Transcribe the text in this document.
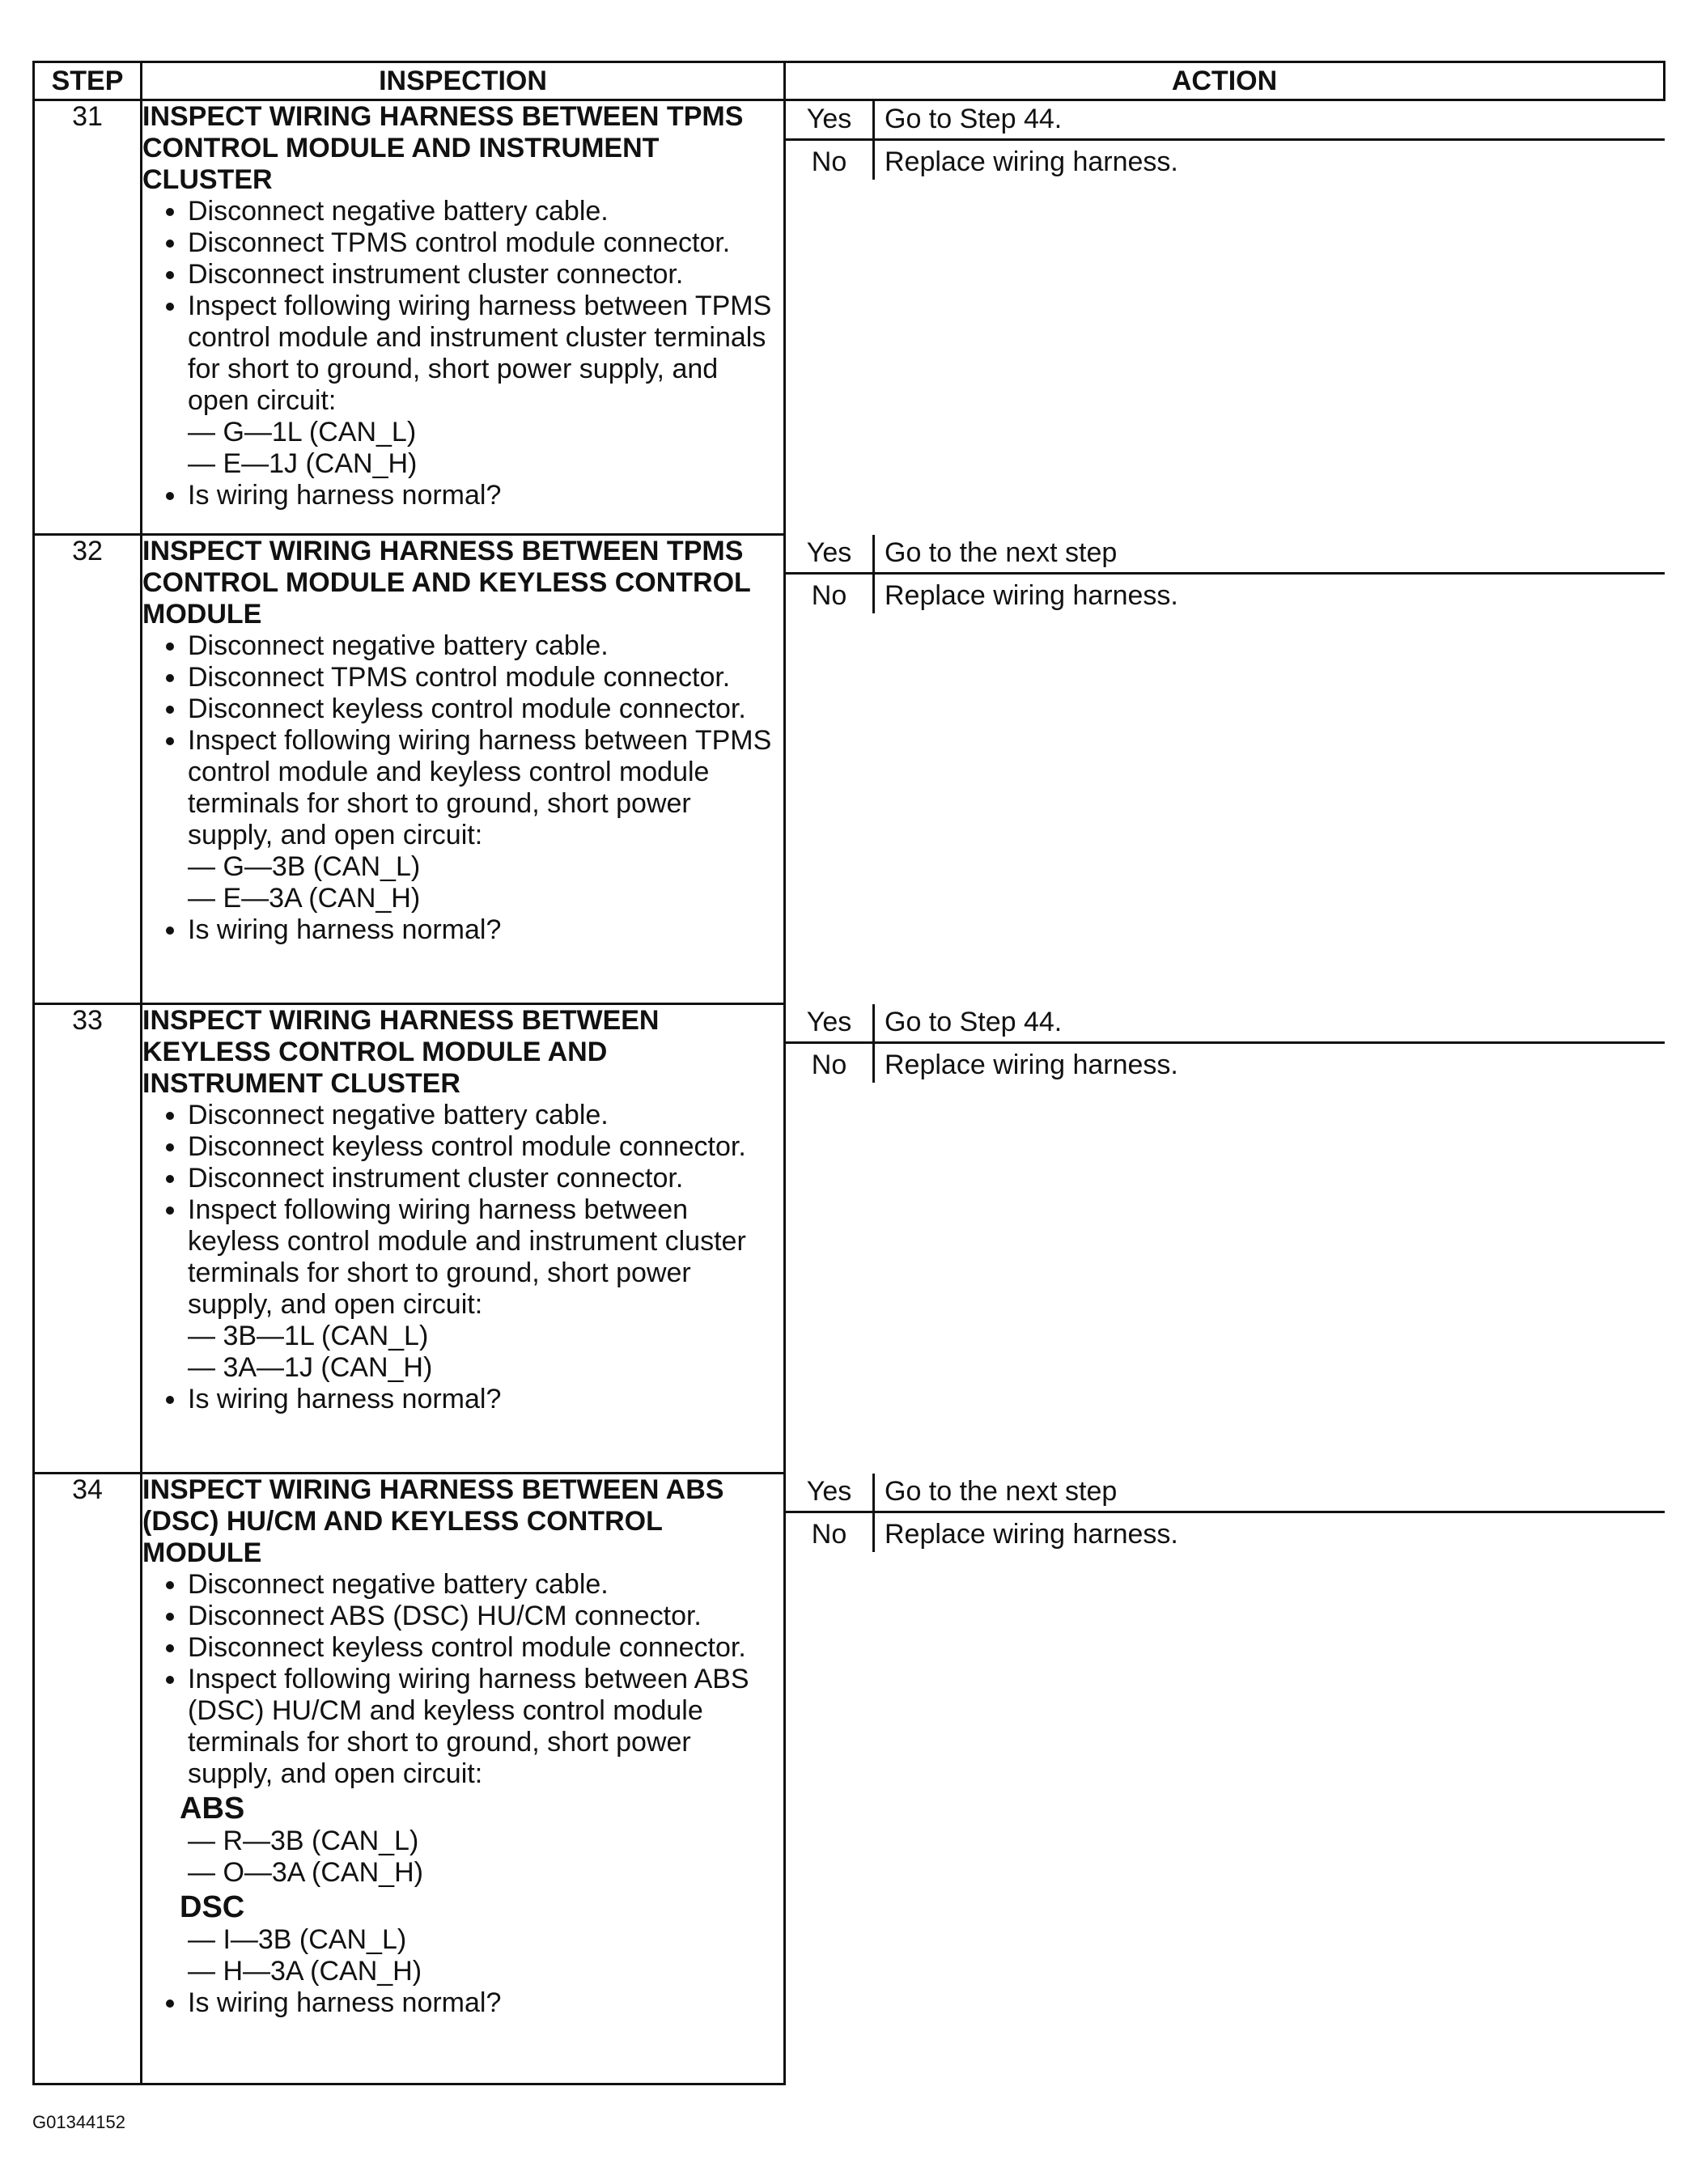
STEP	INSPECTION	ACTION
31	INSPECT WIRING HARNESS BETWEEN TPMS CONTROL MODULE AND INSTRUMENT CLUSTER
• Disconnect negative battery cable.
• Disconnect TPMS control module connector.
• Disconnect instrument cluster connector.
• Inspect following wiring harness between TPMS control module and instrument cluster terminals for short to ground, short power supply, and open circuit:
— G—1L (CAN_L)
— E—1J (CAN_H)
• Is wiring harness normal?

Yes	Go to Step 44.
No	Replace wiring harness.

32	INSPECT WIRING HARNESS BETWEEN TPMS CONTROL MODULE AND KEYLESS CONTROL MODULE
• Disconnect negative battery cable.
• Disconnect TPMS control module connector.
• Disconnect keyless control module connector.
• Inspect following wiring harness between TPMS control module and keyless control module terminals for short to ground, short power supply, and open circuit:
— G—3B (CAN_L)
— E—3A (CAN_H)
• Is wiring harness normal?

Yes	Go to the next step
No	Replace wiring harness.

33	INSPECT WIRING HARNESS BETWEEN KEYLESS CONTROL MODULE AND INSTRUMENT CLUSTER
• Disconnect negative battery cable.
• Disconnect keyless control module connector.
• Disconnect instrument cluster connector.
• Inspect following wiring harness between keyless control module and instrument cluster terminals for short to ground, short power supply, and open circuit:
— 3B—1L (CAN_L)
— 3A—1J (CAN_H)
• Is wiring harness normal?

Yes	Go to Step 44.
No	Replace wiring harness.

34	INSPECT WIRING HARNESS BETWEEN ABS (DSC) HU/CM AND KEYLESS CONTROL MODULE
• Disconnect negative battery cable.
• Disconnect ABS (DSC) HU/CM connector.
• Disconnect keyless control module connector.
• Inspect following wiring harness between ABS (DSC) HU/CM and keyless control module terminals for short to ground, short power supply, and open circuit:
ABS
— R—3B (CAN_L)
— O—3A (CAN_H)
DSC
— I—3B (CAN_L)
— H—3A (CAN_H)
• Is wiring harness normal?

Yes	Go to the next step
No	Replace wiring harness.
G01344152
